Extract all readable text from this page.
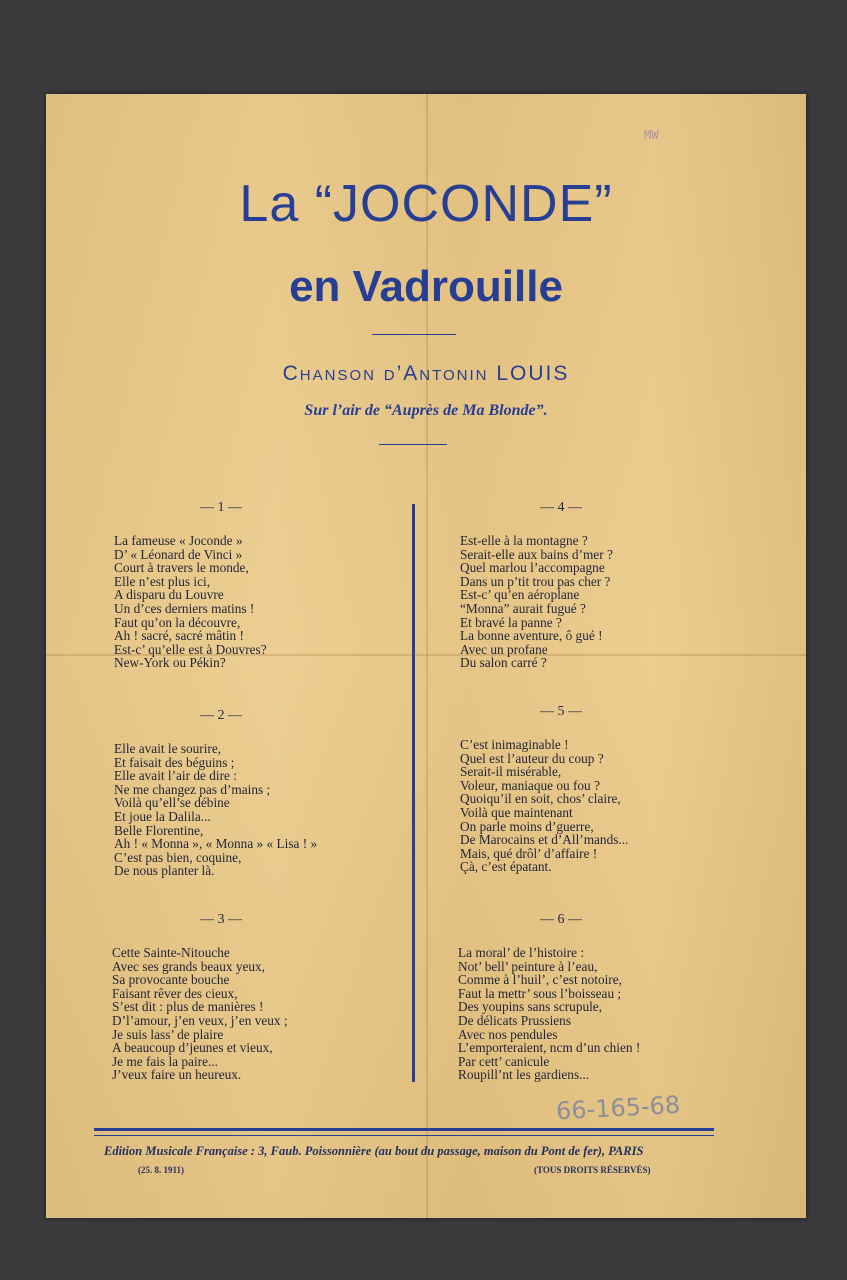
MW
La “JOCONDE”
en Vadrouille
Chanson d’Antonin LOUIS
Sur l’air de “Auprès de Ma Blonde”.
— 1 —
La fameuse « Joconde »
D’ « Léonard de Vinci »
Court à travers le monde,
Elle n’est plus ici,
A disparu du Louvre
Un d’ces derniers matins !
Faut qu’on la découvre,
Ah ! sacré, sacré mâtin !
Est-c’ qu’elle est à Douvres?
New-York ou Pékin?
— 2 —
Elle avait le sourire,
Et faisait des béguins ;
Elle avait l’air de dire :
Ne me changez pas d’mains ;
Voilà qu’ell’se débine
Et joue la Dalila...
Belle Florentine,
Ah ! « Monna », « Monna » « Lisa ! »
C’est pas bien, coquine,
De nous planter là.
— 3 —
Cette Sainte-Nitouche
Avec ses grands beaux yeux,
Sa provocante bouche
Faisant rêver des cieux,
S’est dit : plus de manières !
D’l’amour, j’en veux, j’en veux ;
Je suis lass’ de plaire
A beaucoup d’jeunes et vieux,
Je me fais la paire...
J’veux faire un heureux.
— 4 —
Est-elle à la montagne ?
Serait-elle aux bains d’mer ?
Quel marlou l’accompagne
Dans un p’tit trou pas cher ?
Est-c’ qu’en aéroplane
“Monna” aurait fugué ?
Et bravé la panne ?
La bonne aventure, ô gué !
Avec un profane
Du salon carré ?
— 5 —
C’est inimaginable !
Quel est l’auteur du coup ?
Serait-il misérable,
Voleur, maniaque ou fou ?
Quoiqu’il en soit, chos’ claire,
Voilà que maintenant
On parle moins d’guerre,
De Marocains et d’All’mands...
Mais, qué drôl’ d’affaire !
Çà, c’est épatant.
— 6 —
La moral’ de l’histoire :
Not’ bell’ peinture à l’eau,
Comme à l’huil’, c’est notoire,
Faut la mettr’ sous l’boisseau ;
Des youpins sans scrupule,
De délicats Prussiens
Avec nos pendules
L’emporteraient, ncm d’un chien !
Par cett’ canicule
Roupill’nt les gardiens...
66-165-68
Edition Musicale Française : 3, Faub. Poissonnière (au bout du passage, maison du Pont de fer), PARIS
(25. 8. 1911)	(TOUS DROITS RÉSERVÉS)
